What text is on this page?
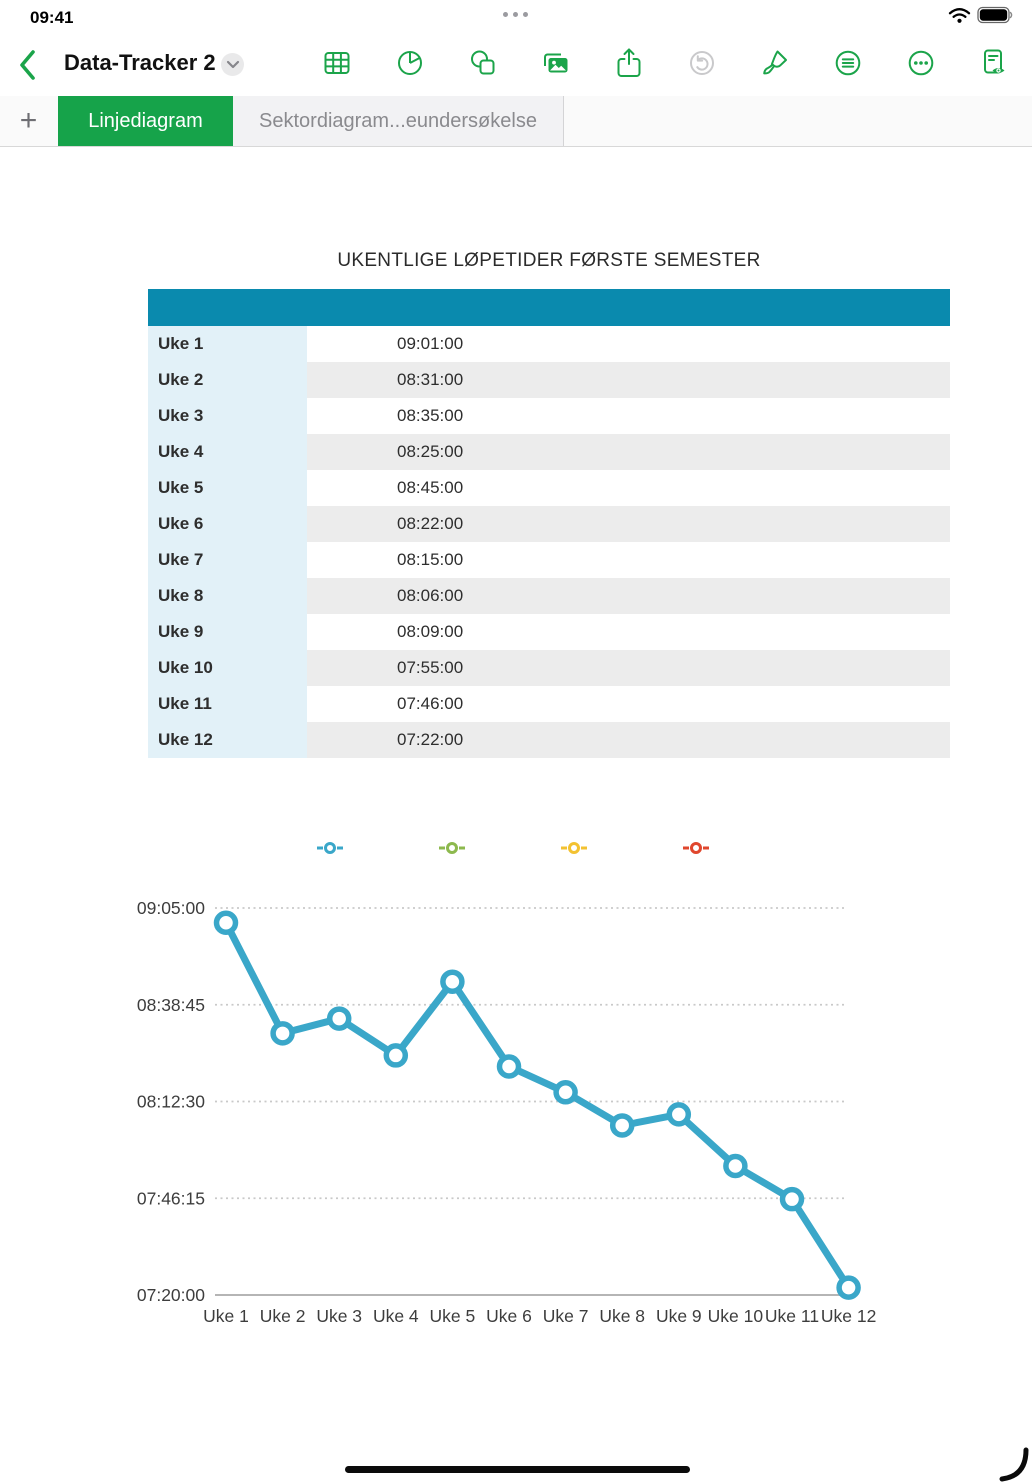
09:41
Data-Tracker 2
+	Linjediagram	Sektordiagram...eundersøkelse
UKENTLIGE LØPETIDER FØRSTE SEMESTER
Uke 1	09:01:00
Uke 2	08:31:00
Uke 3	08:35:00
Uke 4	08:25:00
Uke 5	08:45:00
Uke 6	08:22:00
Uke 7	08:15:00
Uke 8	08:06:00
Uke 9	08:09:00
Uke 10	07:55:00
Uke 11	07:46:00
Uke 12	07:22:00
09:05:00
08:38:45
08:12:30
07:46:15
07:20:00
Uke 1 Uke 2 Uke 3 Uke 4 Uke 5 Uke 6 Uke 7 Uke 8 Uke 9 Uke 10 Uke 11 Uke 12
